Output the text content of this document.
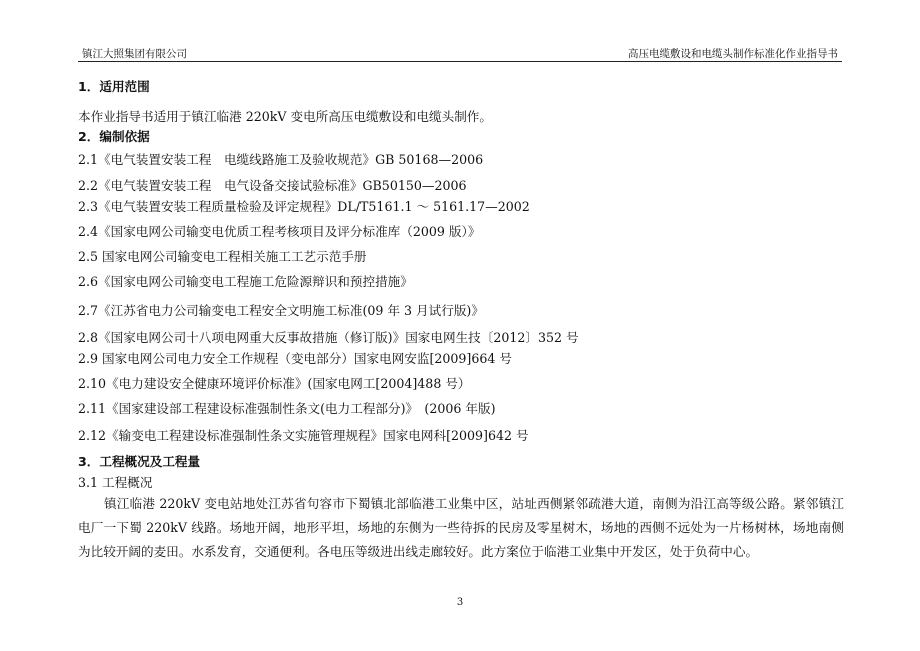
镇江大照集团有限公司	高压电缆敷设和电缆头制作标准化作业指导书
1．适用范围
本作业指导书适用于镇江临港 220kV 变电所高压电缆敷设和电缆头制作。
2．编制依据
2.1《电气装置安装工程　电缆线路施工及验收规范》GB 50168—2006
2.2《电气装置安装工程　电气设备交接试验标准》GB50150—2006
2.3《电气装置安装工程质量检验及评定规程》DL/T5161.1 ～ 5161.17—2002
2.4《国家电网公司输变电优质工程考核项目及评分标准库（2009 版）》
2.5 国家电网公司输变电工程相关施工工艺示范手册
2.6《国家电网公司输变电工程施工危险源辩识和预控措施》
2.7《江苏省电力公司输变电工程安全文明施工标准(09 年 3 月试行版)》
2.8《国家电网公司十八项电网重大反事故措施（修订版)》国家电网生技〔2012〕352 号
2.9 国家电网公司电力安全工作规程（变电部分）国家电网安监[2009]664 号
2.10《电力建设安全健康环境评价标准》(国家电网工[2004]488 号）
2.11《国家建设部工程建设标准强制性条文(电力工程部分)》　(2006 年版)
2.12《输变电工程建设标准强制性条文实施管理规程》国家电网科[2009]642 号
3．工程概况及工程量
3.1 工程概况
镇江临港 220kV 变电站地处江苏省句容市下蜀镇北部临港工业集中区，站址西侧紧邻疏港大道，南侧为沿江高等级公路。紧邻镇江电厂一下蜀 220kV 线路。场地开阔，地形平坦，场地的东侧为一些待拆的民房及零星树木，场地的西侧不远处为一片杨树林，场地南侧为比较开阔的麦田。水系发育，交通便利。各电压等级进出线走廊较好。此方案位于临港工业集中开发区，处于负荷中心。
3
